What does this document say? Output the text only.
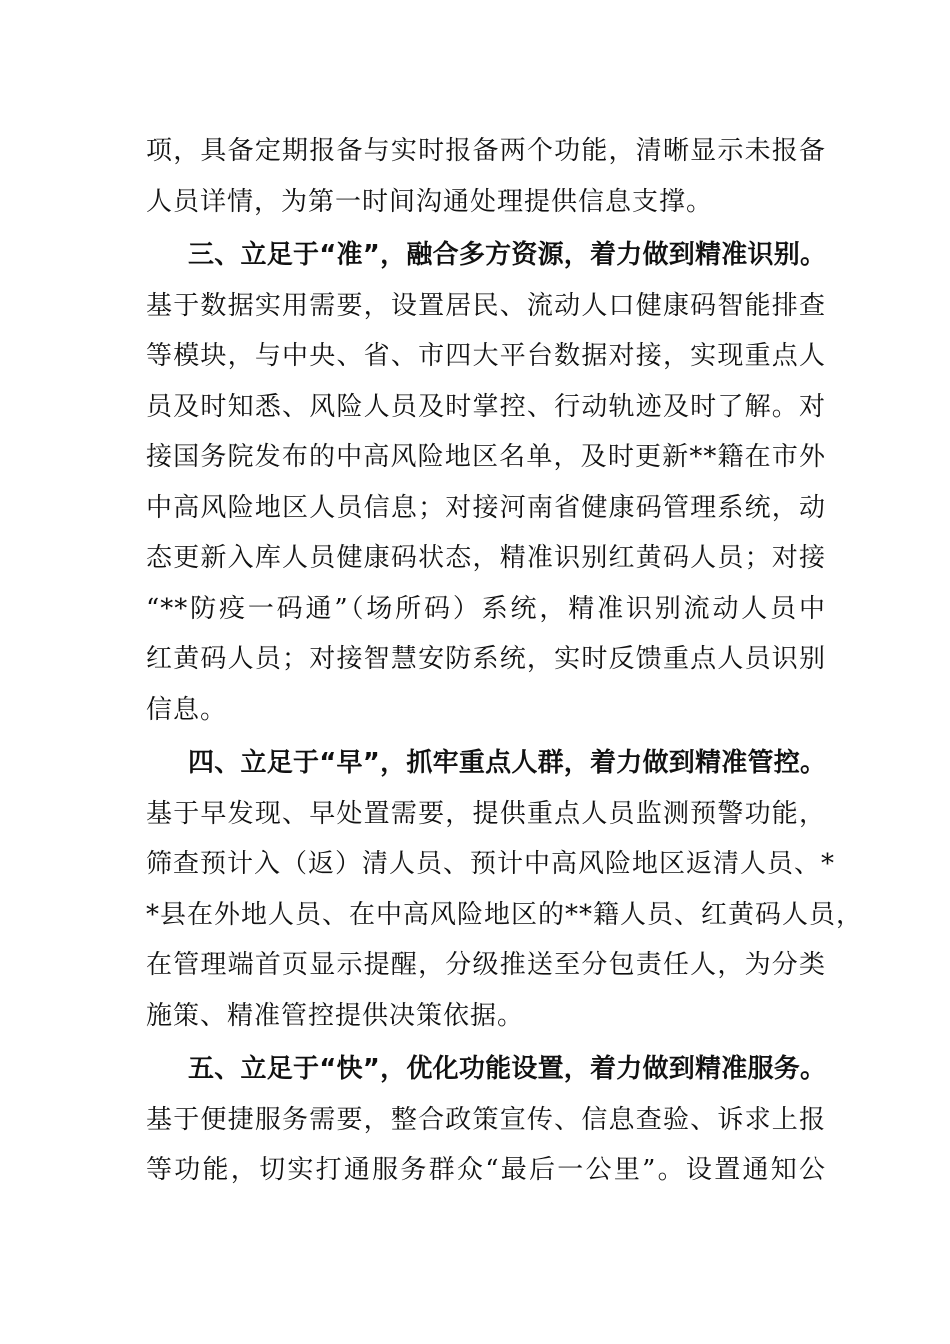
项，具备定期报备与实时报备两个功能，清晰显示未报备
人员详情，为第一时间沟通处理提供信息支撑。
三、立足于“准”，融合多方资源，着力做到精准识别。
基于数据实用需要，设置居民、流动人口健康码智能排查
等模块，与中央、省、市四大平台数据对接，实现重点人
员及时知悉、风险人员及时掌控、行动轨迹及时了解。对
接国务院发布的中高风险地区名单，及时更新**籍在市外
中高风险地区人员信息；对接河南省健康码管理系统，动
态更新入库人员健康码状态，精准识别红黄码人员；对接
“**防疫一码通”（场所码）系统，精准识别流动人员中
红黄码人员；对接智慧安防系统，实时反馈重点人员识别
信息。
四、立足于“早”，抓牢重点人群，着力做到精准管控。
基于早发现、早处置需要，提供重点人员监测预警功能，
筛查预计入（返）清人员、预计中高风险地区返清人员、*
*县在外地人员、在中高风险地区的**籍人员、红黄码人员，
在管理端首页显示提醒，分级推送至分包责任人，为分类
施策、精准管控提供决策依据。
五、立足于“快”，优化功能设置，着力做到精准服务。
基于便捷服务需要，整合政策宣传、信息查验、诉求上报
等功能，切实打通服务群众“最后一公里”。设置通知公
